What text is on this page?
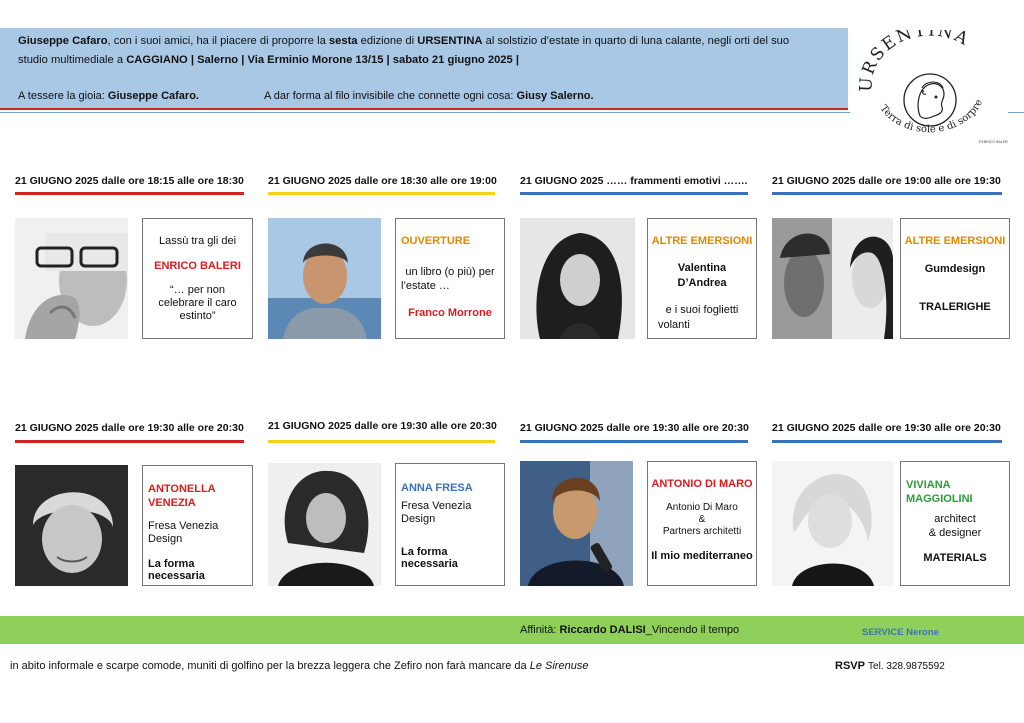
Giuseppe Cafaro, con i suoi amici, ha il piacere di proporre la sesta edizione di URSENTINA al solstizio d’estate in quarto di luna calante, negli orti del suo
studio multimediale a CAGGIANO | Salerno | Via Erminio Morone 13/15 | sabato 21 giugno 2025 |
A tessere la gioia: Giuseppe Cafaro.	A dar forma al filo invisibile che connette ogni cosa: Giusy Salerno.
URSENTINA
Terra di sole e di sorpre
©ENRICO BALERI
21 GIUGNO 2025 dalle ore 18:15 alle ore 18:30
Lassù tra gli dei
ENRICO BALERI
“… per non
celebrare il caro
estinto”
21 GIUGNO 2025 dalle ore 18:30 alle ore 19:00
OUVERTURE
un libro (o più) per
l’estate …
Franco Morrone
21 GIUGNO 2025 …… frammenti emotivi …….
ALTRE EMERSIONI
Valentina
D’Andrea
e i suoi foglietti
volanti
21 GIUGNO 2025 dalle ore 19:00 alle ore 19:30
ALTRE EMERSIONI
Gumdesign
TRALERIGHE
21 GIUGNO 2025 dalle ore 19:30 alle ore 20:30
ANTONELLA
VENEZIA
Fresa Venezia
Design
La forma necessaria
21 GIUGNO 2025 dalle ore 19:30 alle ore 20:30
ANNA FRESA
Fresa Venezia
Design
La forma necessaria
21 GIUGNO 2025 dalle ore 19:30 alle ore 20:30
ANTONIO DI MARO
Antonio Di Maro
&
Partners architetti
Il mio mediterraneo
21 GIUGNO 2025 dalle ore 19:30 alle ore 20:30
VIVIANA
MAGGIOLINI
architect
& designer
MATERIALS
Affinità: Riccardo DALISI_Vincendo il tempo	SERVICE Nerone
in abito informale e scarpe comode, muniti di golfino per la brezza leggera che Zefiro non farà mancare da Le Sirenuse	RSVP Tel. 328.9875592
